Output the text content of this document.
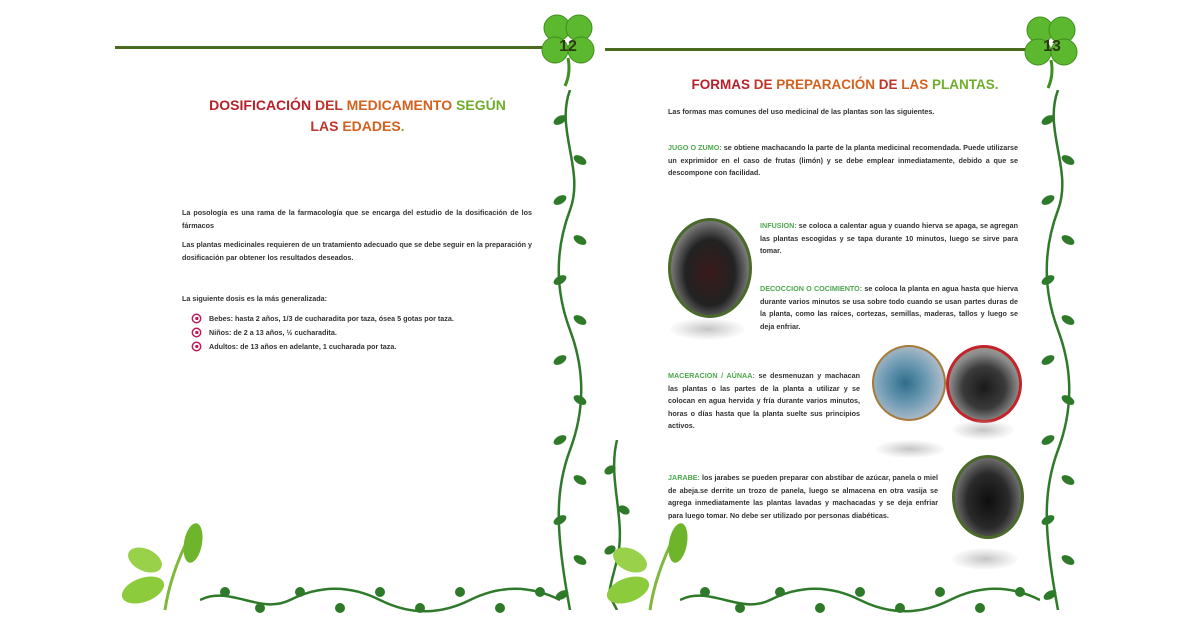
12
DOSIFICACIÓN DEL MEDICAMENTO SEGÚN
LAS EDADES.
La posología es una rama de la farmacología que se encarga del estudio de la dosificación de los fármacos
Las plantas medicinales requieren de un tratamiento adecuado que se debe seguir en la preparación y dosificación par obtener los resultados deseados.
La siguiente dosis es la más generalizada:
Bebes: hasta 2 años, 1/3 de cucharadita por taza, ósea 5 gotas por taza.
Niños: de 2 a 13 años, ½ cucharadita.
Adultos: de 13 años en adelante, 1 cucharada por taza.
13
FORMAS DE PREPARACIÓN DE LAS PLANTAS.
Las formas mas comunes del uso medicinal de las plantas son las siguientes.
JUGO O ZUMO: se obtiene machacando la parte de la planta medicinal recomendada. Puede utilizarse un exprimidor en el caso de frutas (limón) y se debe emplear inmediatamente, debido a que se descompone con facilidad.
INFUSION: se coloca a calentar agua y cuando hierva se apaga, se agregan las plantas escogidas y se tapa durante 10 minutos, luego se sirve para tomar.
DECOCCION O COCIMIENTO: se coloca la planta en agua hasta que hierva durante varios minutos se usa sobre todo cuando se usan partes duras de la planta, como las raíces, cortezas, semillas, maderas, tallos y luego se deja enfriar.
MACERACION / AÚNAA: se desmenuzan y machacan las plantas o las partes de la planta a utilizar y se colocan en agua hervida y fría durante varios minutos, horas o días hasta que la planta suelte sus principios activos.
JARABE: los jarabes se pueden preparar con abstibar de azúcar, panela o miel de abeja.se derrite un trozo de panela, luego se almacena en otra vasija se agrega inmediatamente las plantas lavadas y machacadas y se deja enfriar para luego tomar. No debe ser utilizado por personas diabéticas.
